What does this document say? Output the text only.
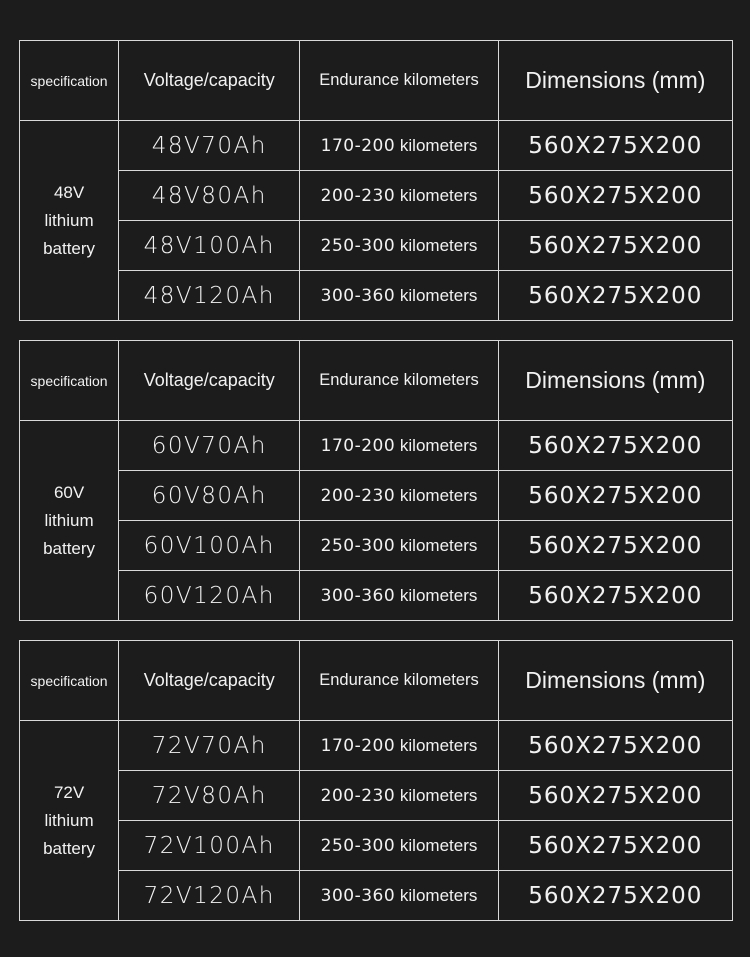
specification	Voltage/capacity	Endurance kilometers	Dimensions (mm)

48V
lithium
battery	48V70Ah	170-200 kilometers	560X275X200
	48V80Ah	200-230 kilometers	560X275X200
	48V100Ah	250-300 kilometers	560X275X200
	48V120Ah	300-360 kilometers	560X275X200
specification	Voltage/capacity	Endurance kilometers	Dimensions (mm)

60V
lithium
battery	60V70Ah	170-200 kilometers	560X275X200
	60V80Ah	200-230 kilometers	560X275X200
	60V100Ah	250-300 kilometers	560X275X200
	60V120Ah	300-360 kilometers	560X275X200
specification	Voltage/capacity	Endurance kilometers	Dimensions (mm)

72V
lithium
battery	72V70Ah	170-200 kilometers	560X275X200
	72V80Ah	200-230 kilometers	560X275X200
	72V100Ah	250-300 kilometers	560X275X200
	72V120Ah	300-360 kilometers	560X275X200
